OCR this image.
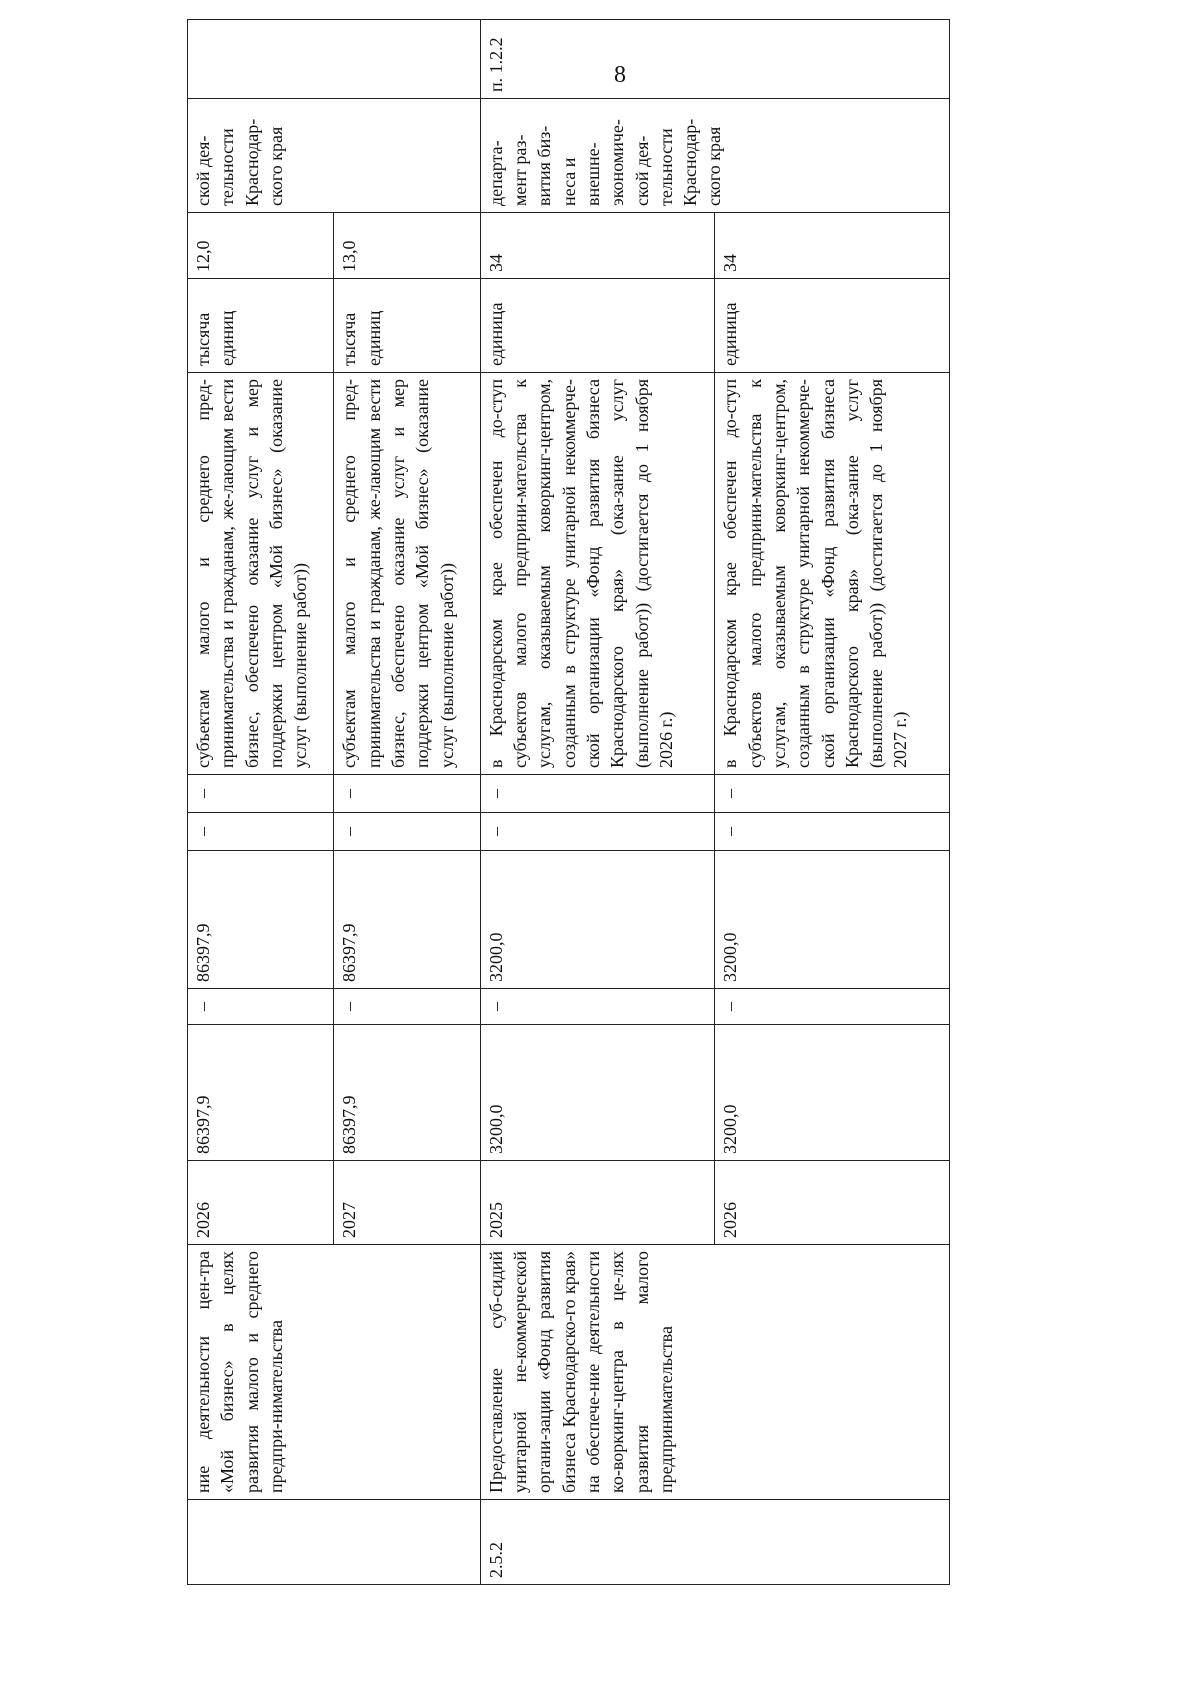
8
	ние деятельности цен-тра «Мой бизнес» в целях развития малого и среднего предпри-нимательства	2026	86397,9	–	86397,9	–	–	субъектам малого и среднего пред-принимательства и гражданам, же-лающим вести бизнес, обеспечено оказание услуг и мер поддержки центром «Мой бизнес» (оказание услуг (выполнение работ))	тысяча единиц	12,0	ской дея-тельности Краснодар-ского края	
		2027	86397,9	–	86397,9	–	–	субъектам малого и среднего пред-принимательства и гражданам, же-лающим вести бизнес, обеспечено оказание услуг и мер поддержки центром «Мой бизнес» (оказание услуг (выполнение работ))	тысяча единиц	13,0		
2.5.2	Предоставление суб-сидий унитарной не-коммерческой органи-зации «Фонд развития бизнеса Краснодарско-го края» на обеспече-ние деятельности ко-воркинг-центра в це-лях развития малого предпринимательства	2025	3200,0	–	3200,0	–	–	в Краснодарском крае обеспечен до-ступ субъектов малого предприни-мательства к услугам, оказываемым коворкинг-центром, созданным в структуре унитарной некоммерче-ской организации «Фонд развития бизнеса Краснодарского края» (ока-зание услуг (выполнение работ)) (достигается до 1 ноября 2026 г.)	единица	34	департа-мент раз-вития биз-неса и внешне-экономиче-ской дея-тельности Краснодар-ского края	п. 1.2.2
		2026	3200,0	–	3200,0	–	–	в Краснодарском крае обеспечен до-ступ субъектов малого предприни-мательства к услугам, оказываемым коворкинг-центром, созданным в структуре унитарной некоммерче-ской организации «Фонд развития бизнеса Краснодарского края» (ока-зание услуг (выполнение работ)) (достигается до 1 ноября 2027 г.)	единица	34		
